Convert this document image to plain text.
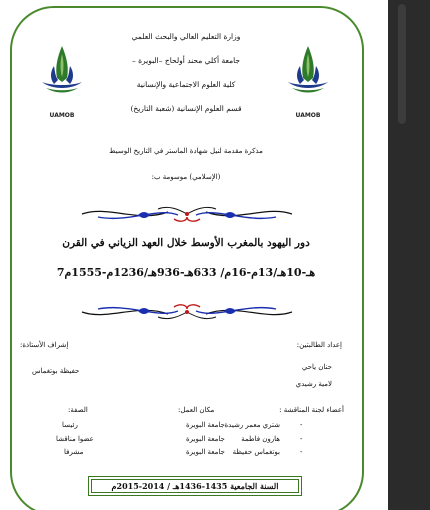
UAMOB	UAMOB
وزارة التعليم العالي والبحث العلمي
جامعة أكلي محند أولحاج –البويرة –
كلية العلوم الاجتماعية والإنسانية
قسم العلوم الإنسانية (شعبة التاريخ)
مذكرة مقدمة لنيل شهادة الماستر في التاريخ الوسيط
(الإسلامي) موسومة ب:
دور اليهود بالمغرب الأوسط خلال العهد الزياني في القرن
7هـ-10هـ/13م-16م/ 633هـ-936هـ/1236م-1555م
إعداد الطالبتين:
إشراف الأستاذة:
حنان ياحي
حفيظة بوتغماس
لامية رشيدي
أعضاء لجنة المناقشة :
مكان العمل:
الصفة:
-
شتري معمر رشيدة
جامعة البويرة
رئيسا
-
هارون فاطمة
جامعة البويرة
عضوا مناقشا
-
بوتغماس حفيظة
جامعة البويرة
مشرفا
السنة الجامعية 1435-1436هـ / 2014-2015م
